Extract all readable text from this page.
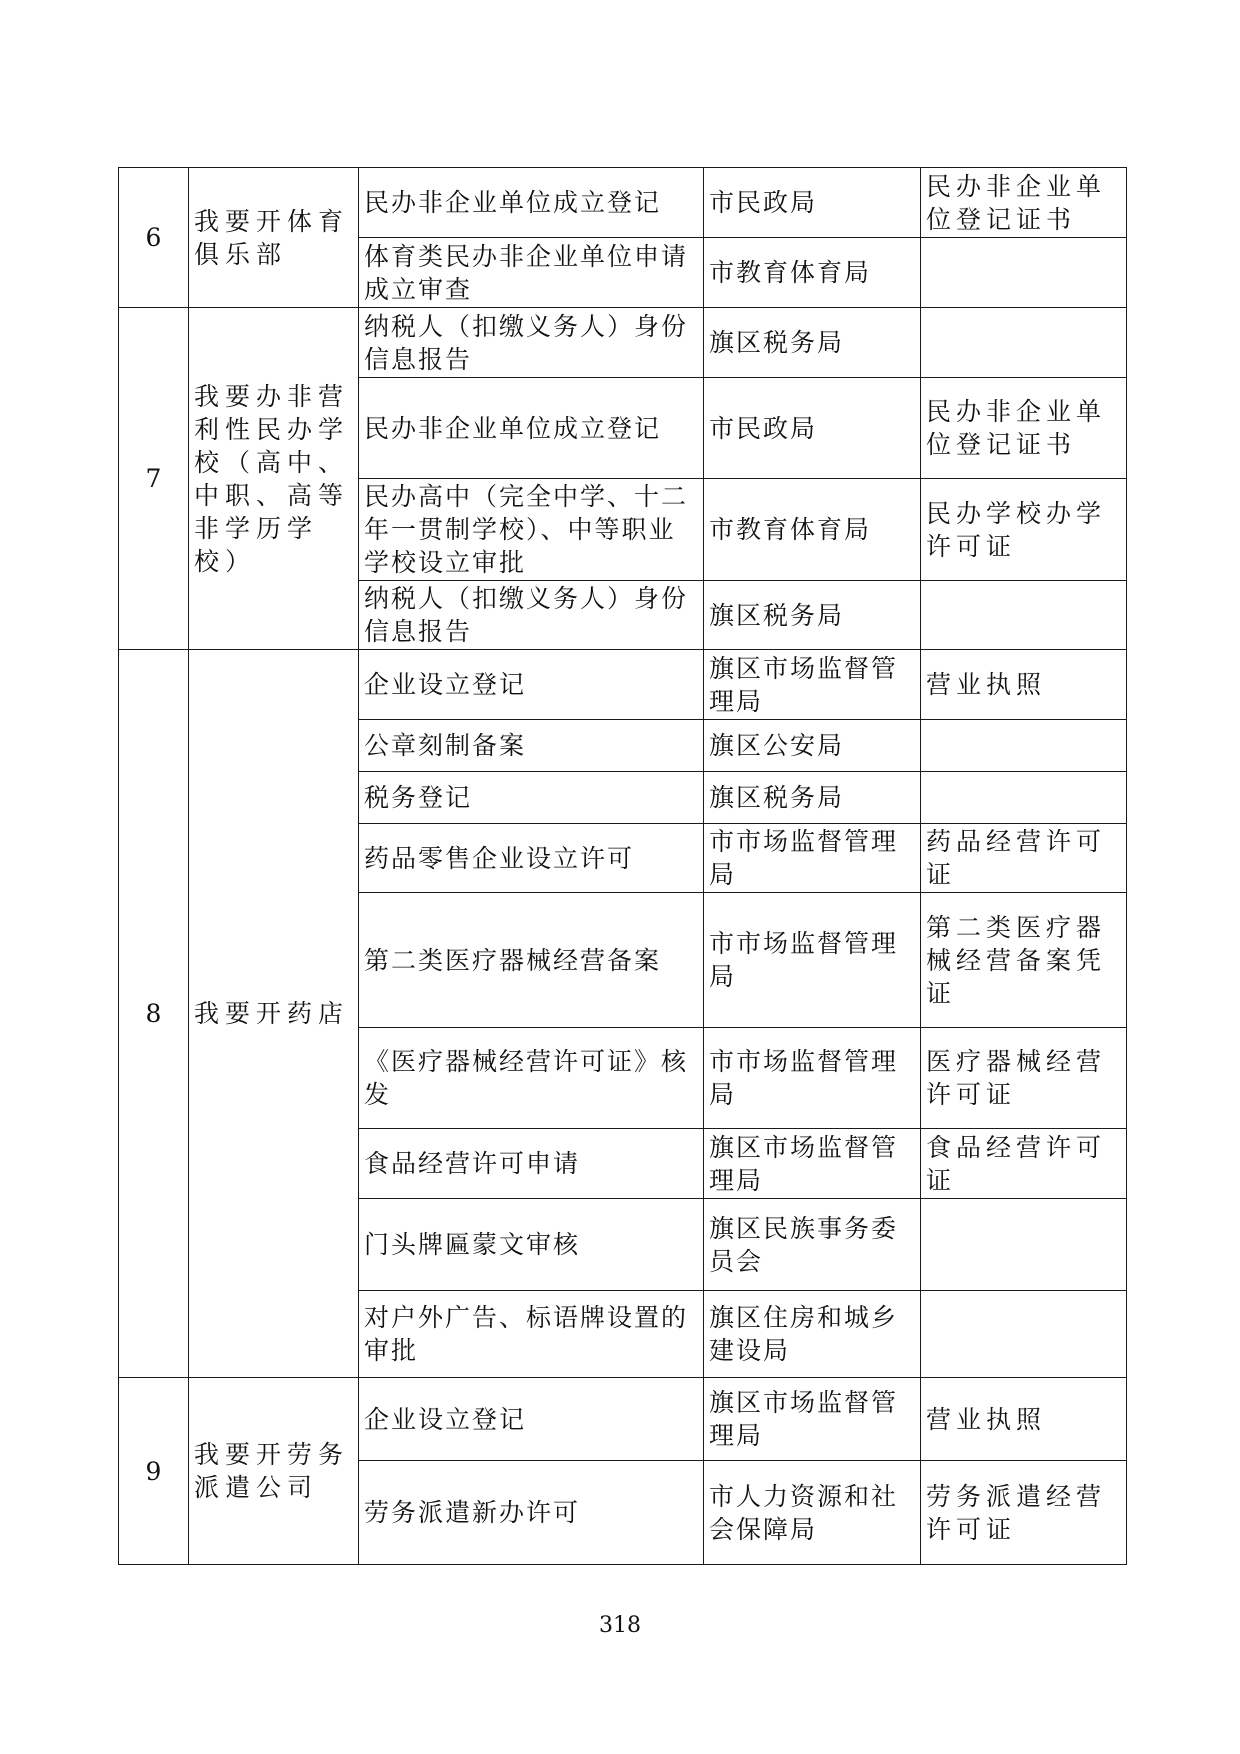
6	我要开体育俱乐部	民办非企业单位成立登记	市民政局	民办非企业单位登记证书
		体育类民办非企业单位申请成立审查	市教育体育局	
7	我要办非营利性民办学校（高中、中职、高等非学历学校）	纳税人（扣缴义务人）身份信息报告	旗区税务局	
		民办非企业单位成立登记	市民政局	民办非企业单位登记证书
		民办高中（完全中学、十二年一贯制学校）、中等职业学校设立审批	市教育体育局	民办学校办学许可证
		纳税人（扣缴义务人）身份信息报告	旗区税务局	
8	我要开药店	企业设立登记	旗区市场监督管理局	营业执照
		公章刻制备案	旗区公安局	
		税务登记	旗区税务局	
		药品零售企业设立许可	市市场监督管理局	药品经营许可证
		第二类医疗器械经营备案	市市场监督管理局	第二类医疗器械经营备案凭证
		《医疗器械经营许可证》核发	市市场监督管理局	医疗器械经营许可证
		食品经营许可申请	旗区市场监督管理局	食品经营许可证
		门头牌匾蒙文审核	旗区民族事务委员会	
		对户外广告、标语牌设置的审批	旗区住房和城乡建设局	
9	我要开劳务派遣公司	企业设立登记	旗区市场监督管理局	营业执照
		劳务派遣新办许可	市人力资源和社会保障局	劳务派遣经营许可证
318
